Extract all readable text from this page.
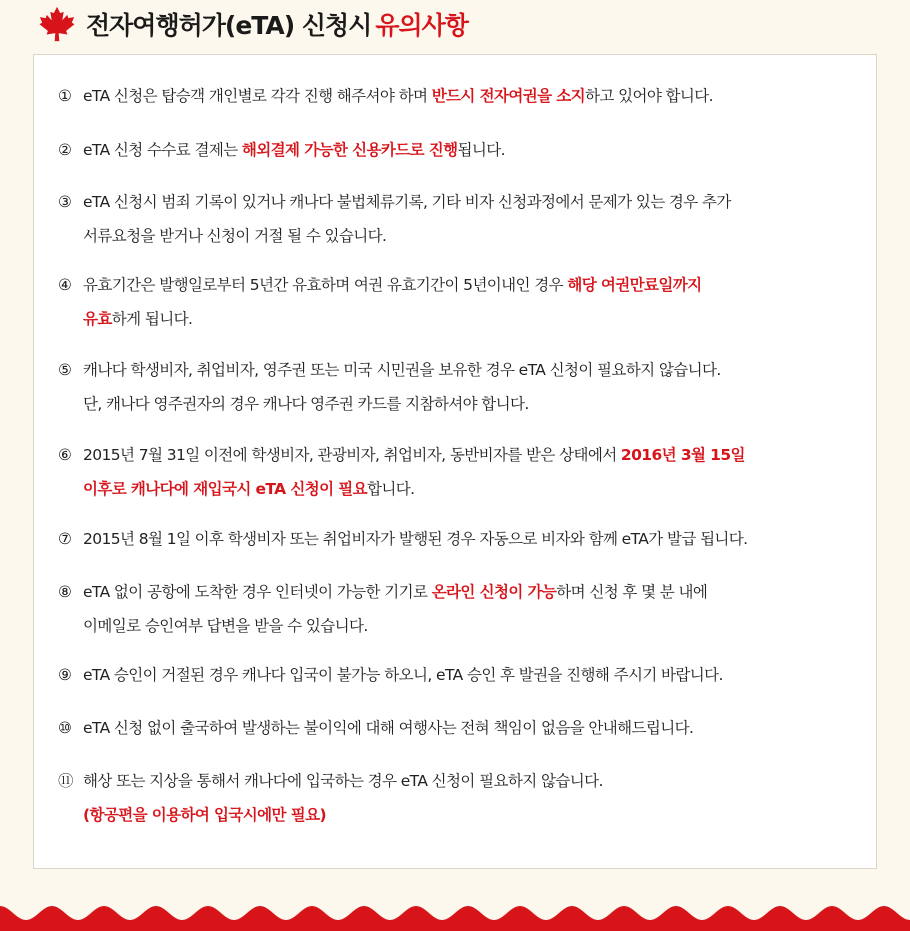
전자여행허가(eTA) 신청시 유의사항
① eTA 신청은 탑승객 개인별로 각각 진행 해주셔야 하며 반드시 전자여권을 소지하고 있어야 합니다.
② eTA 신청 수수료 결제는 해외결제 가능한 신용카드로 진행됩니다.
③ eTA 신청시 범죄 기록이 있거나 캐나다 불법체류기록, 기타 비자 신청과정에서 문제가 있는 경우 추가
서류요청을 받거나 신청이 거절 될 수 있습니다.
④ 유효기간은 발행일로부터 5년간 유효하며 여권 유효기간이 5년이내인 경우 해당 여권만료일까지
유효하게 됩니다.
⑤ 캐나다 학생비자, 취업비자, 영주권 또는 미국 시민권을 보유한 경우 eTA 신청이 필요하지 않습니다.
단, 캐나다 영주권자의 경우 캐나다 영주권 카드를 지참하셔야 합니다.
⑥ 2015년 7월 31일 이전에 학생비자, 관광비자, 취업비자, 동반비자를 받은 상태에서 2016년 3월 15일
이후로 캐나다에 재입국시 eTA 신청이 필요합니다.
⑦ 2015년 8월 1일 이후 학생비자 또는 취업비자가 발행된 경우 자동으로 비자와 함께 eTA가 발급 됩니다.
⑧ eTA 없이 공항에 도착한 경우 인터넷이 가능한 기기로 온라인 신청이 가능하며 신청 후 몇 분 내에
이메일로 승인여부 답변을 받을 수 있습니다.
⑨ eTA 승인이 거절된 경우 캐나다 입국이 불가능 하오니, eTA 승인 후 발권을 진행해 주시기 바랍니다.
⑩ eTA 신청 없이 출국하여 발생하는 불이익에 대해 여행사는 전혀 책임이 없음을 안내해드립니다.
⑪ 해상 또는 지상을 통해서 캐나다에 입국하는 경우 eTA 신청이 필요하지 않습니다.
(항공편을 이용하여 입국시에만 필요)
